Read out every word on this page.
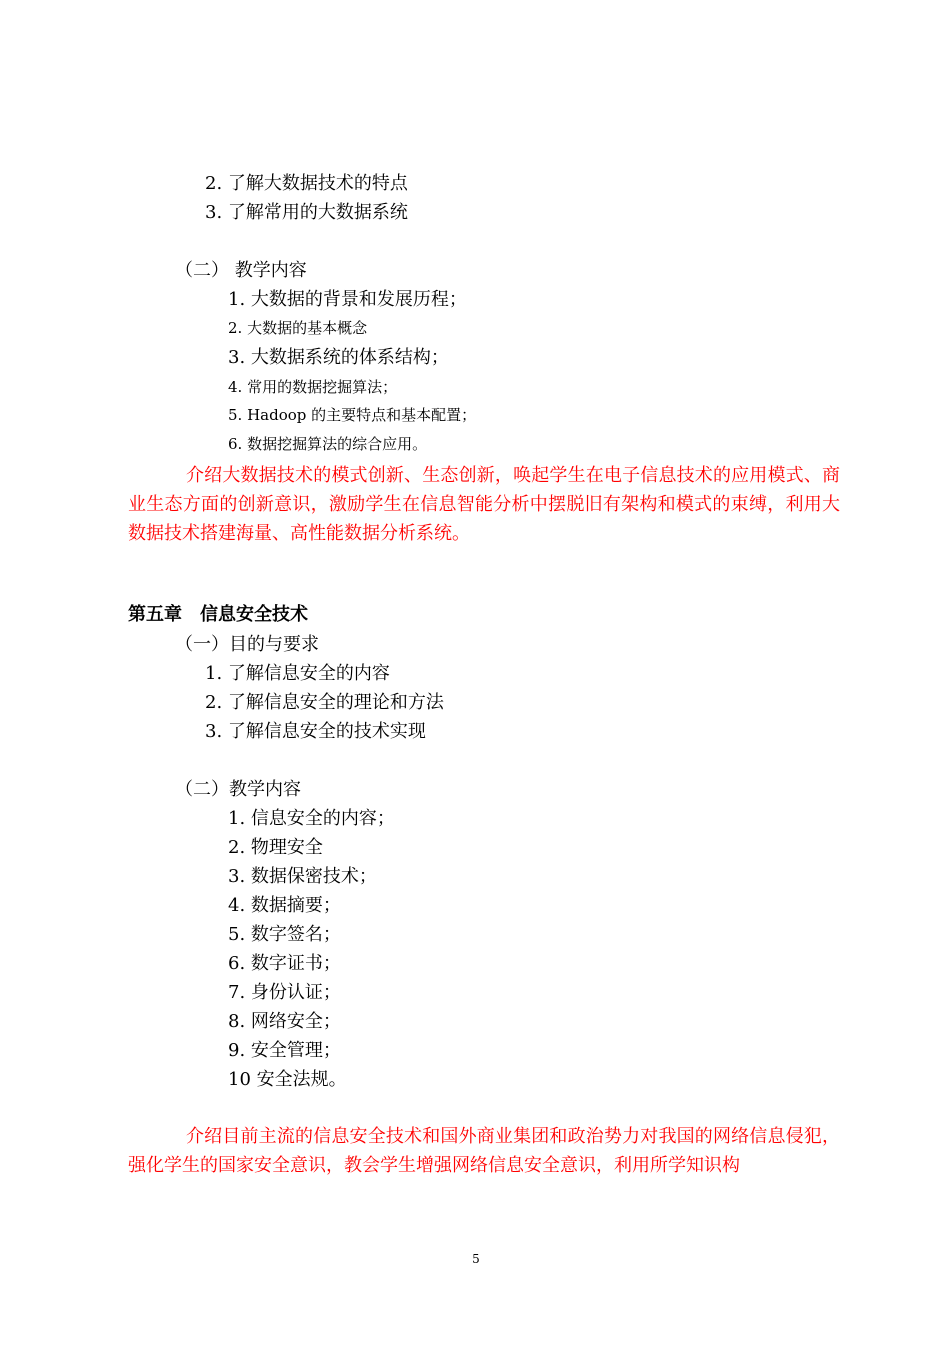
2. 了解大数据技术的特点
3. 了解常用的大数据系统
（二） 教学内容
1. 大数据的背景和发展历程；
2. 大数据的基本概念
3. 大数据系统的体系结构；
4. 常用的数据挖掘算法；
5. Hadoop 的主要特点和基本配置；
6. 数据挖掘算法的综合应用。

介绍大数据技术的模式创新、生态创新，唤起学生在电子信息技术的应用模式、商业生态方面的创新意识，激励学生在信息智能分析中摆脱旧有架构和模式的束缚，利用大数据技术搭建海量、高性能数据分析系统。

第五章　信息安全技术
（一）目的与要求
1. 了解信息安全的内容
2. 了解信息安全的理论和方法
3. 了解信息安全的技术实现
（二）教学内容
1. 信息安全的内容；
2. 物理安全
3. 数据保密技术；
4. 数据摘要；
5. 数字签名；
6. 数字证书；
7. 身份认证；
8. 网络安全；
9. 安全管理；
10 安全法规。

介绍目前主流的信息安全技术和国外商业集团和政治势力对我国的网络信息侵犯，强化学生的国家安全意识，教会学生增强网络信息安全意识，利用所学知识构

5
